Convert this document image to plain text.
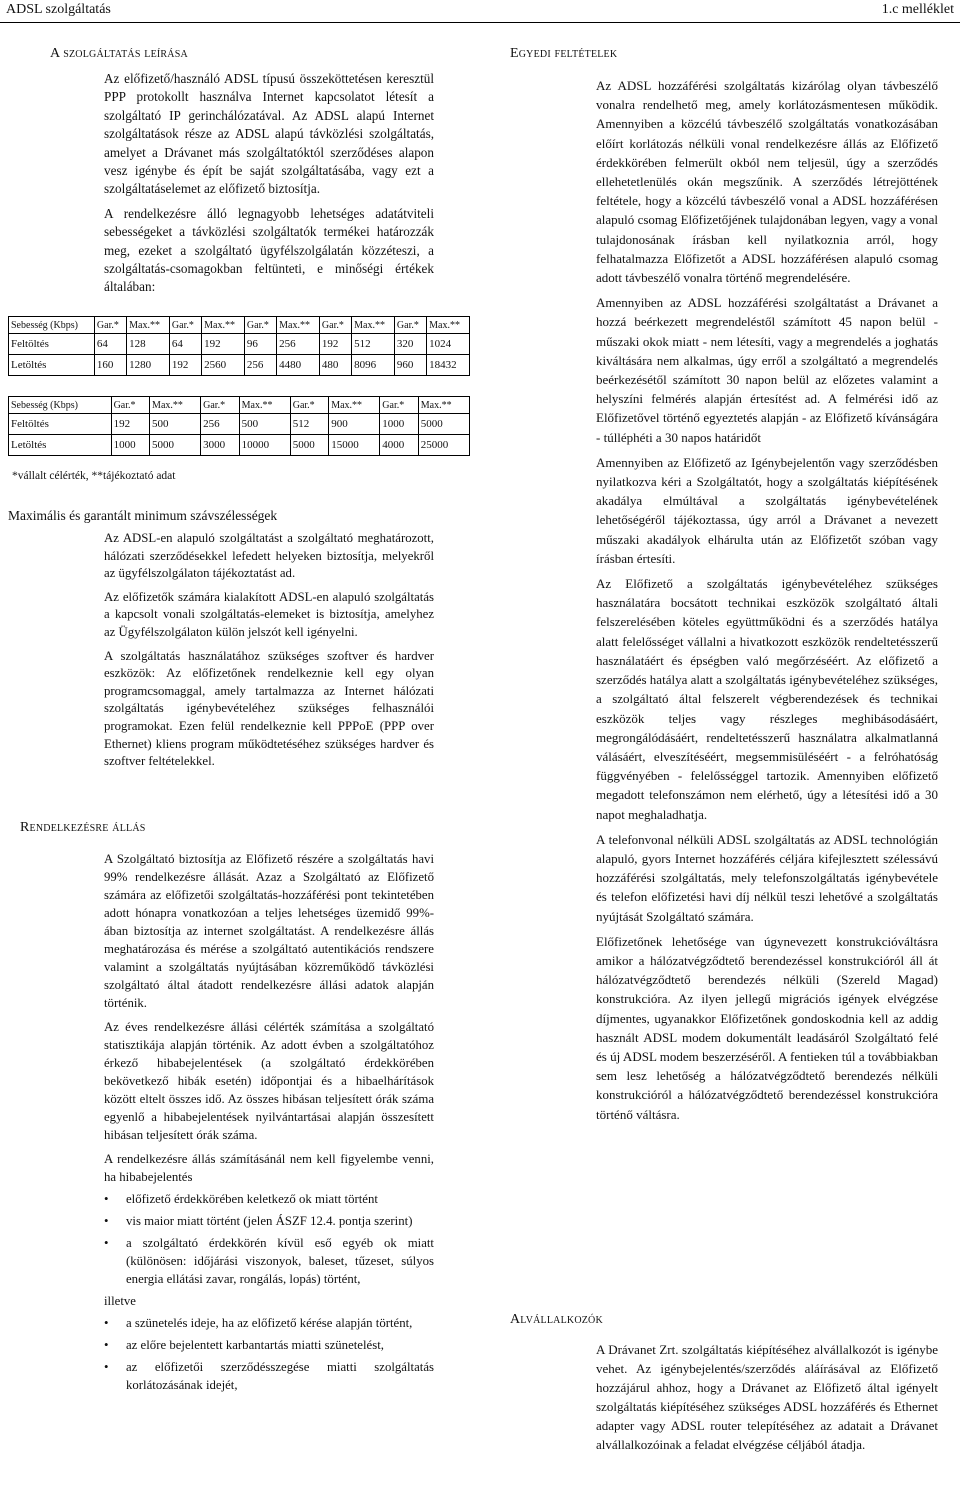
ADSL szolgáltatás	1.c melléklet
A szolgáltatás leírása

Az előfizető/használó ADSL típusú összeköttetésen keresztül PPP protokollt használva Internet kapcsolatot létesít a szolgáltató IP gerinchálózatával. Az ADSL alapú Internet szolgáltatások része az ADSL alapú távközlési szolgáltatás, amelyet a Drávanet más szolgáltatóktól szerződéses alapon vesz igénybe és épít be saját szolgáltatásába, vagy ezt a szolgáltatáselemet az előfizető biztosítja.

A rendelkezésre álló legnagyobb lehetséges adatátviteli sebességeket a távközlési szolgáltatók termékei határozzák meg, ezeket a szolgáltató ügyfélszolgálatán közzéteszi, a szolgáltatás-csomagokban feltünteti, e minőségi értékek általában:

Sebesség (Kbps)	Gar.*	Max.**	Gar.*	Max.**	Gar.*	Max.**	Gar.*	Max.**	Gar.*	Max.**
Feltöltés	64	128	64	192	96	256	192	512	320	1024
Letöltés	160	1280	192	2560	256	4480	480	8096	960	18432
Sebesség (Kbps)	Gar.*	Max.**	Gar.*	Max.**	Gar.*	Max.**	Gar.*	Max.**
Feltöltés	192	500	256	500	512	900	1000	5000
Letöltés	1000	5000	3000	10000	5000	15000	4000	25000
*vállalt célérték, **tájékoztató adat
Maximális és garantált minimum szávszélességek

Az ADSL-en alapuló szolgáltatást a szolgáltató meghatározott, hálózati szerződésekkel lefedett helyeken biztosítja, melyekről az ügyfélszolgálaton tájékoztatást ad.

Az előfizetők számára kialakított ADSL-en alapuló szolgáltatás a kapcsolt vonali szolgáltatás-elemeket is biztosítja, amelyhez az Ügyfélszolgálaton külön jelszót kell igényelni.

A szolgáltatás használatához szükséges szoftver és hardver eszközök: Az előfizetőnek rendelkeznie kell egy olyan programcsomaggal, amely tartalmazza az Internet hálózati szolgáltatás igénybevételéhez szükséges felhasználói programokat. Ezen felül rendelkeznie kell PPPoE (PPP over Ethernet) kliens program működtetéséhez szükséges hardver és szoftver feltételekkel.

Rendelkezésre állás

A Szolgáltató biztosítja az Előfizető részére a szolgáltatás havi 99% rendelkezésre állását. Azaz a Szolgáltató az Előfizető számára az előfizetői szolgáltatás-hozzáférési pont tekintetében adott hónapra vonatkozóan a teljes lehetséges üzemidő 99%-ában biztosítja az internet szolgáltatást. A rendelkezésre állás meghatározása és mérése a szolgáltató autentikációs rendszere valamint a szolgáltatás nyújtásában közreműködő távközlési szolgáltató által átadott rendelkezésre állási adatok alapján történik.

Az éves rendelkezésre állási célérték számítása a szolgáltató statisztikája alapján történik. Az adott évben a szolgáltatóhoz érkező hibabejelentések (a szolgáltató érdekkörében bekövetkező hibák esetén) időpontjai és a hibaelhárítások között eltelt összes idő. Az összes hibásan teljesített órák száma egyenlő a hibabejelentések nyilvántartásai alapján összesített hibásan teljesített órák száma.

A rendelkezésre állás számításánál nem kell figyelembe venni, ha hibabejelentés

• előfizető érdekkörében keletkező ok miatt történt
• vis maior miatt történt (jelen ÁSZF 12.4. pontja szerint)
• a szolgáltató érdekkörén kívül eső egyéb ok miatt (különösen: időjárási viszonyok, baleset, tűzeset, súlyos energia ellátási zavar, rongálás, lopás) történt,

illetve

• a szünetelés ideje, ha az előfizető kérése alapján történt,
• az előre bejelentett karbantartás miatti szünetelést,
• az előfizetői szerződésszegése miatti szolgáltatás korlátozásának idejét,
Egyedi feltételek

Az ADSL hozzáférési szolgáltatás kizárólag olyan távbeszélő vonalra rendelhető meg, amely korlátozásmentesen működik. Amennyiben a közcélú távbeszélő szolgáltatás vonatkozásában előírt korlátozás nélküli vonal rendelkezésre állás az Előfizető érdekkörében felmerült okból nem teljesül, úgy a szerződés ellehetetlenülés okán megszűnik. A szerződés létrejöttének feltétele, hogy a közcélú távbeszélő vonal a ADSL hozzáférésen alapuló csomag Előfizetőjének tulajdonában legyen, vagy a vonal tulajdonosának írásban kell nyilatkoznia arról, hogy felhatalmazza Előfizetőt a ADSL hozzáférésen alapuló csomag adott távbeszélő vonalra történő megrendelésére.

Amennyiben az ADSL hozzáférési szolgáltatást a Drávanet a hozzá beérkezett megrendeléstől számított 45 napon belül - műszaki okok miatt - nem létesíti, vagy a megrendelés a joghatás kiváltására nem alkalmas, úgy erről a szolgáltató a megrendelés beérkezésétől számított 30 napon belül az előzetes valamint a helyszíni felmérés alapján értesítést ad. A felmérési idő az Előfizetővel történő egyeztetés alapján - az Előfizető kívánságára - túlléphéti a 30 napos határidőt

Amennyiben az Előfizető az Igénybejelentőn vagy szerződésben nyilatkozva kéri a Szolgáltatót, hogy a szolgáltatás kiépítésének akadálya elmúltával a szolgáltatás igénybevételének lehetőségéről tájékoztassa, úgy arról a Drávanet a nevezett műszaki akadályok elhárulta után az Előfizetőt szóban vagy írásban értesíti.

Az Előfizető a szolgáltatás igénybevételéhez szükséges használatára bocsátott technikai eszközök szolgáltató általi felszerelésében köteles együttműködni és a szerződés hatálya alatt felelősséget vállalni a hivatkozott eszközök rendeltetésszerű használatáért és épségben való megőrzéséért. Az előfizető a szerződés hatálya alatt a szolgáltatás igénybevételéhez szükséges, a szolgáltató által felszerelt végberendezések és technikai eszközök teljes vagy részleges meghibásodásáért, megrongálódásáért, rendeltetésszerű használatra alkalmatlanná válásáért, elveszítéséért, megsemmisüléséért - a felróhatóság függvényében - felelősséggel tartozik. Amennyiben előfizető megadott telefonszámon nem elérhető, úgy a létesítési idő a 30 napot meghaladhatja.

A telefonvonal nélküli ADSL szolgáltatás az ADSL technológián alapuló, gyors Internet hozzáférés céljára kifejlesztett szélessávú hozzáférési szolgáltatás, mely telefonszolgáltatás igénybevétele és telefon előfizetési havi díj nélkül teszi lehetővé a szolgáltatás nyújtását Szolgáltató számára.

Előfizetőnek lehetősége van úgynevezett konstrukcióváltásra amikor a hálózatvégződtető berendezéssel konstrukcióról áll át hálózatvégződtető berendezés nélküli (Szereld Magad) konstrukcióra. Az ilyen jellegű migrációs igények elvégzése díjmentes, ugyanakkor Előfizetőnek gondoskodnia kell az addig használt ADSL modem dokumentált leadásáról Szolgáltató felé és új ADSL modem beszerzéséről. A fentieken túl a továbbiakban sem lesz lehetőség a hálózatvégződtető berendezés nélküli konstrukcióról a hálózatvégződtető berendezéssel konstrukcióra történő váltásra.

Alvállalkozók

A Drávanet Zrt. szolgáltatás kiépítéséhez alvállalkozót is igénybe vehet. Az igénybejelentés/szerződés aláírásával az Előfizető hozzájárul ahhoz, hogy a Drávanet az Előfizető által igényelt szolgáltatás kiépítéséhez szükséges ADSL hozzáférés és Ethernet adapter vagy ADSL router telepítéséhez az adatait a Drávanet alvállalkozóinak a feladat elvégzése céljából átadja.
